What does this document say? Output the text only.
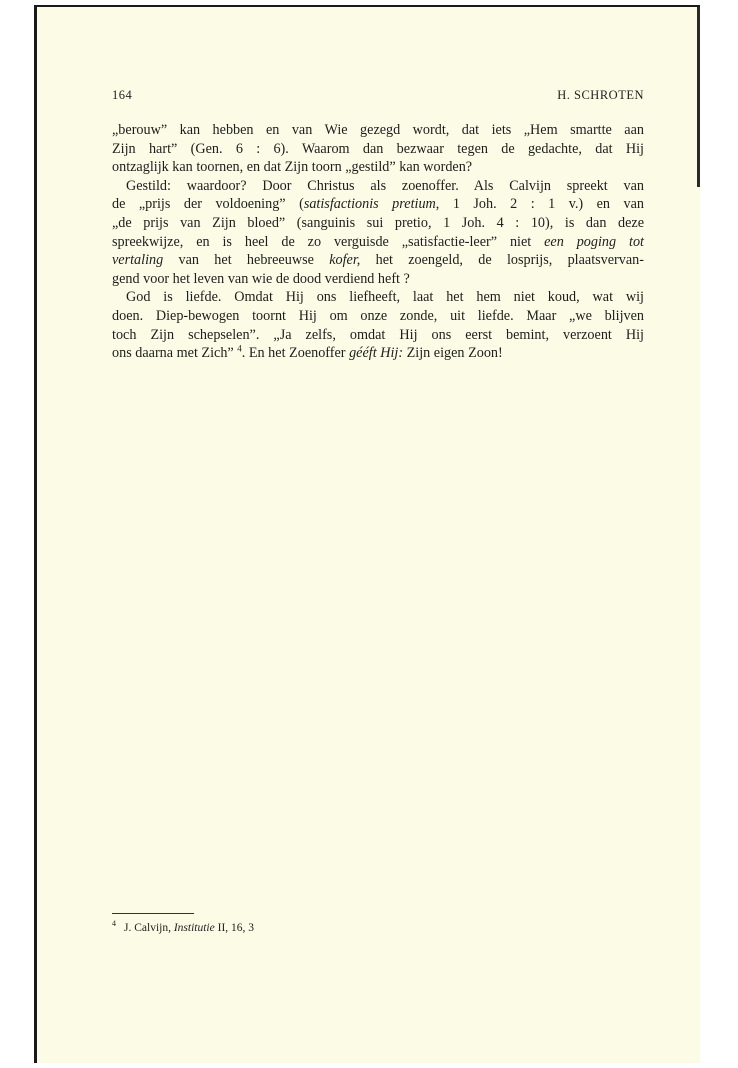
164	H. SCHROTEN
„berouw” kan hebben en van Wie gezegd wordt, dat iets „Hem smartte aan
Zijn hart” (Gen. 6 : 6). Waarom dan bezwaar tegen de gedachte, dat Hij
ontzaglijk kan toornen, en dat Zijn toorn „gestild” kan worden?
Gestild: waardoor? Door Christus als zoenoffer. Als Calvijn spreekt van
de „prijs der voldoening” (satisfactionis pretium, 1 Joh. 2 : 1 v.) en van
„de prijs van Zijn bloed” (sanguinis sui pretio, 1 Joh. 4 : 10), is dan deze
spreekwijze, en is heel de zo verguisde „satisfactie-leer” niet een poging tot
vertaling van het hebreeuwse kofer, het zoengeld, de losprijs, plaatsvervan-
gend voor het leven van wie de dood verdiend heft ?
God is liefde. Omdat Hij ons liefheeft, laat het hem niet koud, wat wij
doen. Diep-bewogen toornt Hij om onze zonde, uit liefde. Maar „we blijven
toch Zijn schepselen”. „Ja zelfs, omdat Hij ons eerst bemint, verzoent Hij
ons daarna met Zich” $^4$. En het Zoenoffer gééft Hij: Zijn eigen Zoon!
$^4$ J. Calvijn, Institutie II, 16, 3
